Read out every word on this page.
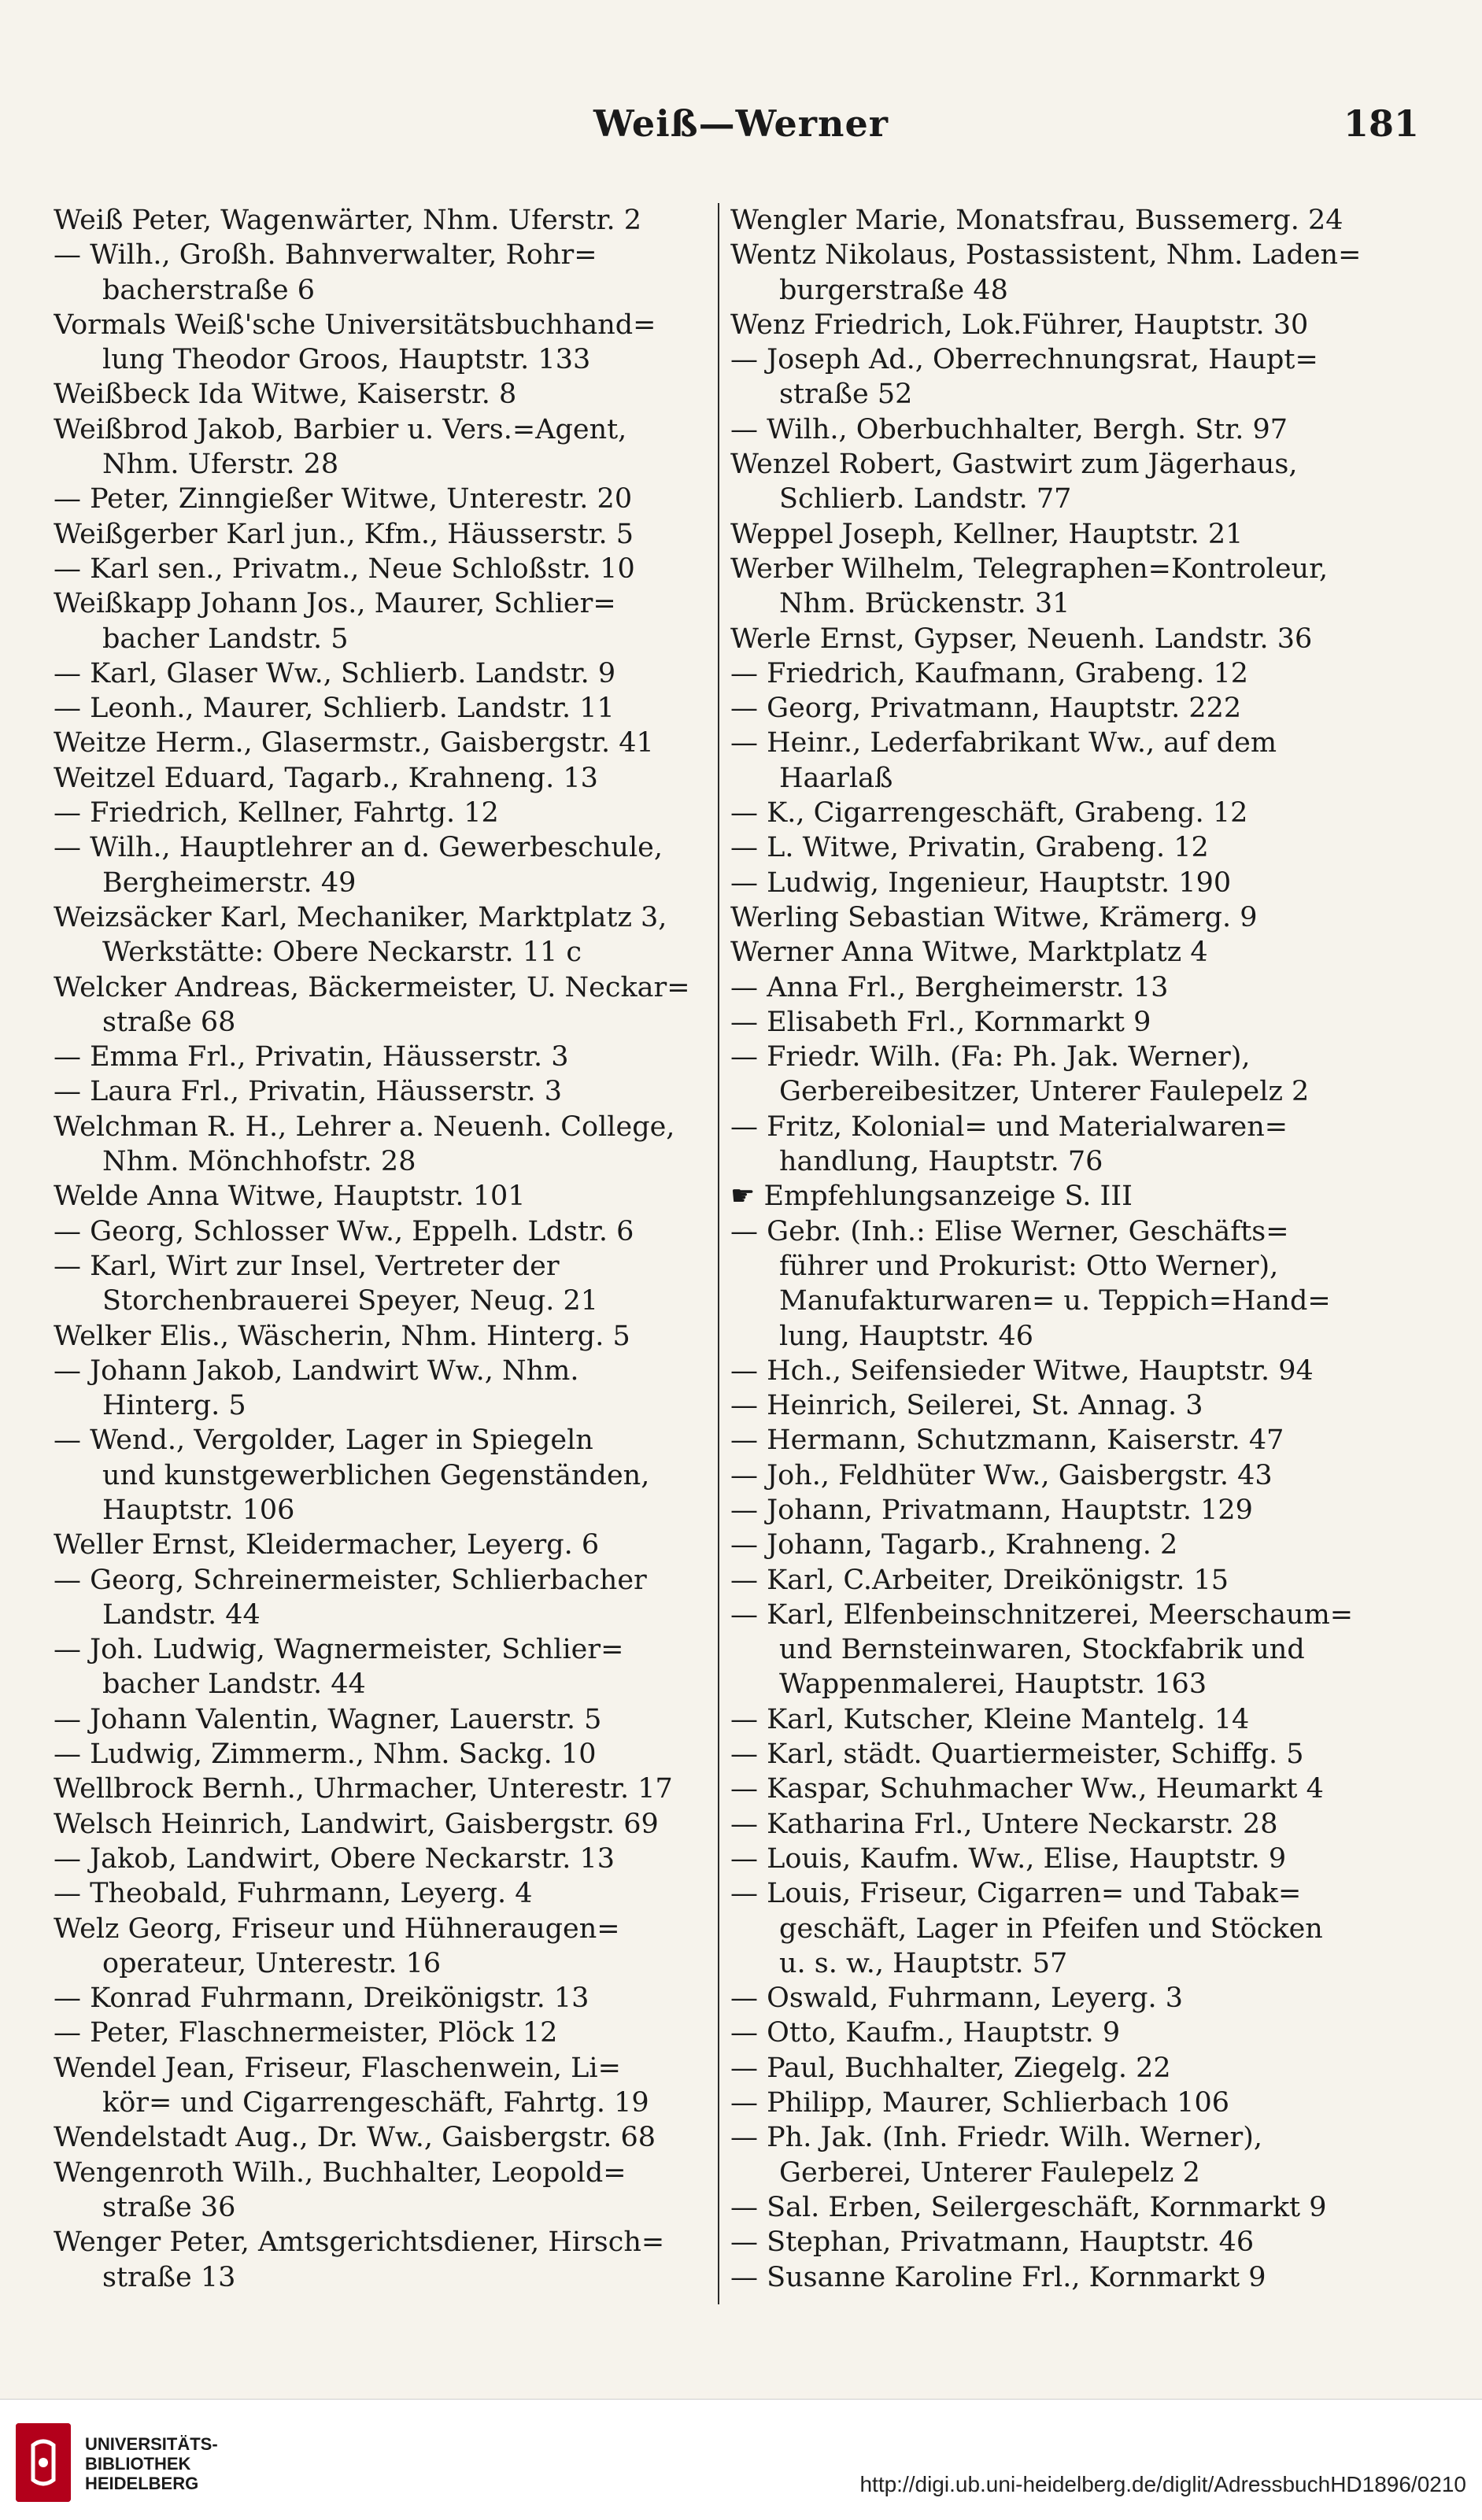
Weiß—Werner	181
Weiß Peter, Wagenwärter, Nhm. Uferstr. 2
— Wilh., Großh. Bahnverwalter, Rohr=
bacherstraße 6
Vormals Weiß'sche Universitätsbuchhand=
lung Theodor Groos, Hauptstr. 133
Weißbeck Ida Witwe, Kaiserstr. 8
Weißbrod Jakob, Barbier u. Vers.=Agent,
Nhm. Uferstr. 28
— Peter, Zinngießer Witwe, Unterestr. 20
Weißgerber Karl jun., Kfm., Häusserstr. 5
— Karl sen., Privatm., Neue Schloßstr. 10
Weißkapp Johann Jos., Maurer, Schlier=
bacher Landstr. 5
— Karl, Glaser Ww., Schlierb. Landstr. 9
— Leonh., Maurer, Schlierb. Landstr. 11
Weitze Herm., Glasermstr., Gaisbergstr. 41
Weitzel Eduard, Tagarb., Krahneng. 13
— Friedrich, Kellner, Fahrtg. 12
— Wilh., Hauptlehrer an d. Gewerbeschule,
Bergheimerstr. 49
Weizsäcker Karl, Mechaniker, Marktplatz 3,
Werkstätte: Obere Neckarstr. 11 c
Welcker Andreas, Bäckermeister, U. Neckar=
straße 68
— Emma Frl., Privatin, Häusserstr. 3
— Laura Frl., Privatin, Häusserstr. 3
Welchman R. H., Lehrer a. Neuenh. College,
Nhm. Mönchhofstr. 28
Welde Anna Witwe, Hauptstr. 101
— Georg, Schlosser Ww., Eppelh. Ldstr. 6
— Karl, Wirt zur Insel, Vertreter der
Storchenbrauerei Speyer, Neug. 21
Welker Elis., Wäscherin, Nhm. Hinterg. 5
— Johann Jakob, Landwirt Ww., Nhm.
Hinterg. 5
— Wend., Vergolder, Lager in Spiegeln
und kunstgewerblichen Gegenständen,
Hauptstr. 106
Weller Ernst, Kleidermacher, Leyerg. 6
— Georg, Schreinermeister, Schlierbacher
Landstr. 44
— Joh. Ludwig, Wagnermeister, Schlier=
bacher Landstr. 44
— Johann Valentin, Wagner, Lauerstr. 5
— Ludwig, Zimmerm., Nhm. Sackg. 10
Wellbrock Bernh., Uhrmacher, Unterestr. 17
Welsch Heinrich, Landwirt, Gaisbergstr. 69
— Jakob, Landwirt, Obere Neckarstr. 13
— Theobald, Fuhrmann, Leyerg. 4
Welz Georg, Friseur und Hühneraugen=
operateur, Unterestr. 16
— Konrad Fuhrmann, Dreikönigstr. 13
— Peter, Flaschnermeister, Plöck 12
Wendel Jean, Friseur, Flaschenwein, Li=
kör= und Cigarrengeschäft, Fahrtg. 19
Wendelstadt Aug., Dr. Ww., Gaisbergstr. 68
Wengenroth Wilh., Buchhalter, Leopold=
straße 36
Wenger Peter, Amtsgerichtsdiener, Hirsch=
straße 13
Wengler Marie, Monatsfrau, Bussemerg. 24
Wentz Nikolaus, Postassistent, Nhm. Laden=
burgerstraße 48
Wenz Friedrich, Lok.Führer, Hauptstr. 30
— Joseph Ad., Oberrechnungsrat, Haupt=
straße 52
— Wilh., Oberbuchhalter, Bergh. Str. 97
Wenzel Robert, Gastwirt zum Jägerhaus,
Schlierb. Landstr. 77
Weppel Joseph, Kellner, Hauptstr. 21
Werber Wilhelm, Telegraphen=Kontroleur,
Nhm. Brückenstr. 31
Werle Ernst, Gypser, Neuenh. Landstr. 36
— Friedrich, Kaufmann, Grabeng. 12
— Georg, Privatmann, Hauptstr. 222
— Heinr., Lederfabrikant Ww., auf dem
Haarlaß
— K., Cigarrengeschäft, Grabeng. 12
— L. Witwe, Privatin, Grabeng. 12
— Ludwig, Ingenieur, Hauptstr. 190
Werling Sebastian Witwe, Krämerg. 9
Werner Anna Witwe, Marktplatz 4
— Anna Frl., Bergheimerstr. 13
— Elisabeth Frl., Kornmarkt 9
— Friedr. Wilh. (Fa: Ph. Jak. Werner),
Gerbereibesitzer, Unterer Faulepelz 2
— Fritz, Kolonial= und Materialwaren=
handlung, Hauptstr. 76
☛ Empfehlungsanzeige S. III
— Gebr. (Inh.: Elise Werner, Geschäfts=
führer und Prokurist: Otto Werner),
Manufakturwaren= u. Teppich=Hand=
lung, Hauptstr. 46
— Hch., Seifensieder Witwe, Hauptstr. 94
— Heinrich, Seilerei, St. Annag. 3
— Hermann, Schutzmann, Kaiserstr. 47
— Joh., Feldhüter Ww., Gaisbergstr. 43
— Johann, Privatmann, Hauptstr. 129
— Johann, Tagarb., Krahneng. 2
— Karl, C.Arbeiter, Dreikönigstr. 15
— Karl, Elfenbeinschnitzerei, Meerschaum=
und Bernsteinwaren, Stockfabrik und
Wappenmalerei, Hauptstr. 163
— Karl, Kutscher, Kleine Mantelg. 14
— Karl, städt. Quartiermeister, Schiffg. 5
— Kaspar, Schuhmacher Ww., Heumarkt 4
— Katharina Frl., Untere Neckarstr. 28
— Louis, Kaufm. Ww., Elise, Hauptstr. 9
— Louis, Friseur, Cigarren= und Tabak=
geschäft, Lager in Pfeifen und Stöcken
u. s. w., Hauptstr. 57
— Oswald, Fuhrmann, Leyerg. 3
— Otto, Kaufm., Hauptstr. 9
— Paul, Buchhalter, Ziegelg. 22
— Philipp, Maurer, Schlierbach 106
— Ph. Jak. (Inh. Friedr. Wilh. Werner),
Gerberei, Unterer Faulepelz 2
— Sal. Erben, Seilergeschäft, Kornmarkt 9
— Stephan, Privatmann, Hauptstr. 46
— Susanne Karoline Frl., Kornmarkt 9
UNIVERSITÄTS-
BIBLIOTHEK
HEIDELBERG	http://digi.ub.uni-heidelberg.de/diglit/AdressbuchHD1896/0210
